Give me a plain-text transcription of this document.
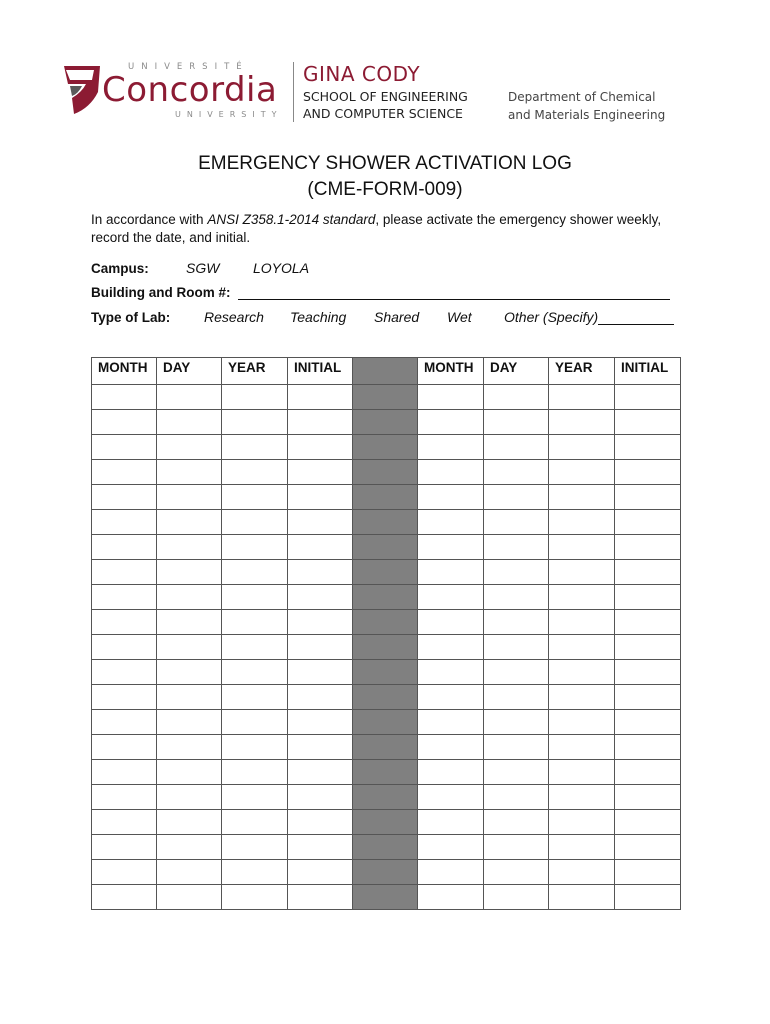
UNIVERSITÉ
Concordia
UNIVERSITY
GINA CODY
SCHOOL OF ENGINEERING
AND COMPUTER SCIENCE
Department of Chemical
and Materials Engineering
EMERGENCY SHOWER ACTIVATION LOG
(CME-FORM-009)
In accordance with ANSI Z358.1-2014 standard, please activate the emergency shower weekly, record the date, and initial.
Campus:	SGW LOYOLA
Building and Room #:
Type of Lab: Research Teaching Shared Wet Other (Specify)
MONTH	DAY	YEAR	INITIAL		MONTH	DAY	YEAR	INITIAL
